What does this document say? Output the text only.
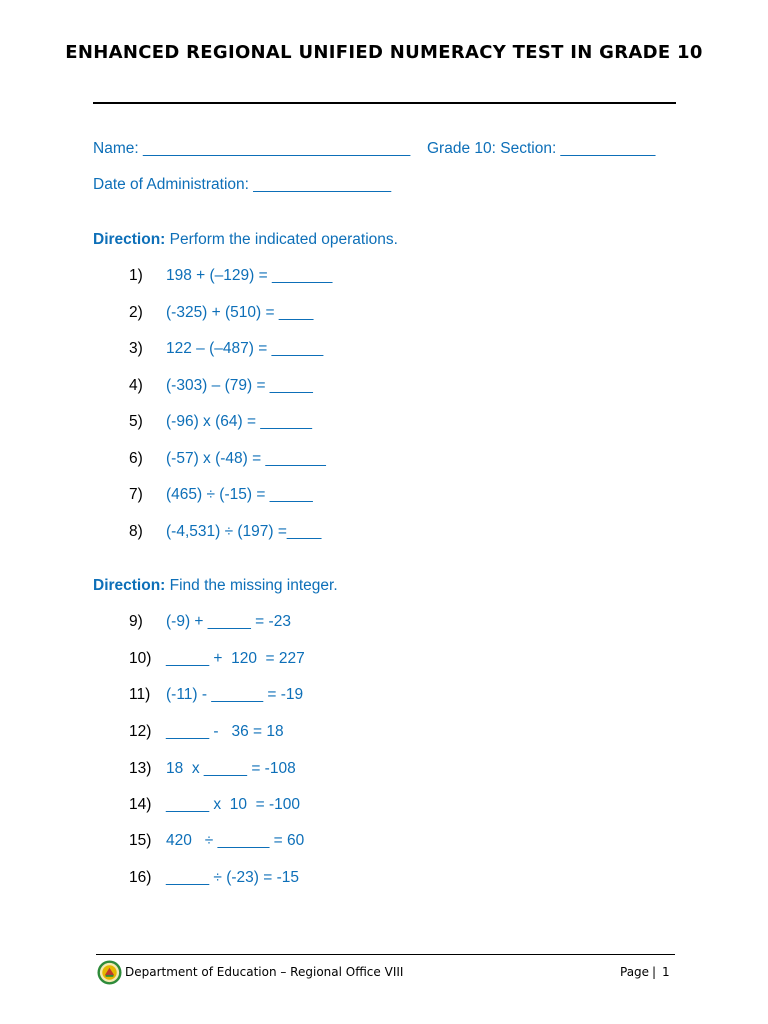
ENHANCED REGIONAL UNIFIED NUMERACY TEST IN GRADE 10
Name: _______________________________ Grade 10: Section: ___________
Date of Administration: ________________
Direction: Perform the indicated operations.
1) 198 + (–129) = _______
2) (-325) + (510) = ____
3) 122 – (–487) = ______
4) (-303) – (79) = _____
5) (-96) x (64) = ______
6) (-57) x (-48) = _______
7) (465) ÷ (-15) = _____
8) (-4,531) ÷ (197) =____
Direction: Find the missing integer.
9) (-9) + _____ = -23
10) _____ +  120  = 227
11) (-11) - ______ = -19
12) _____ -   36 = 18
13) 18  x _____ = -108
14) _____ x  10  = -100
15) 420   ÷ ______ = 60
16) _____ ÷ (-23) = -15
Department of Education – Regional Office VIII	Page | 1
